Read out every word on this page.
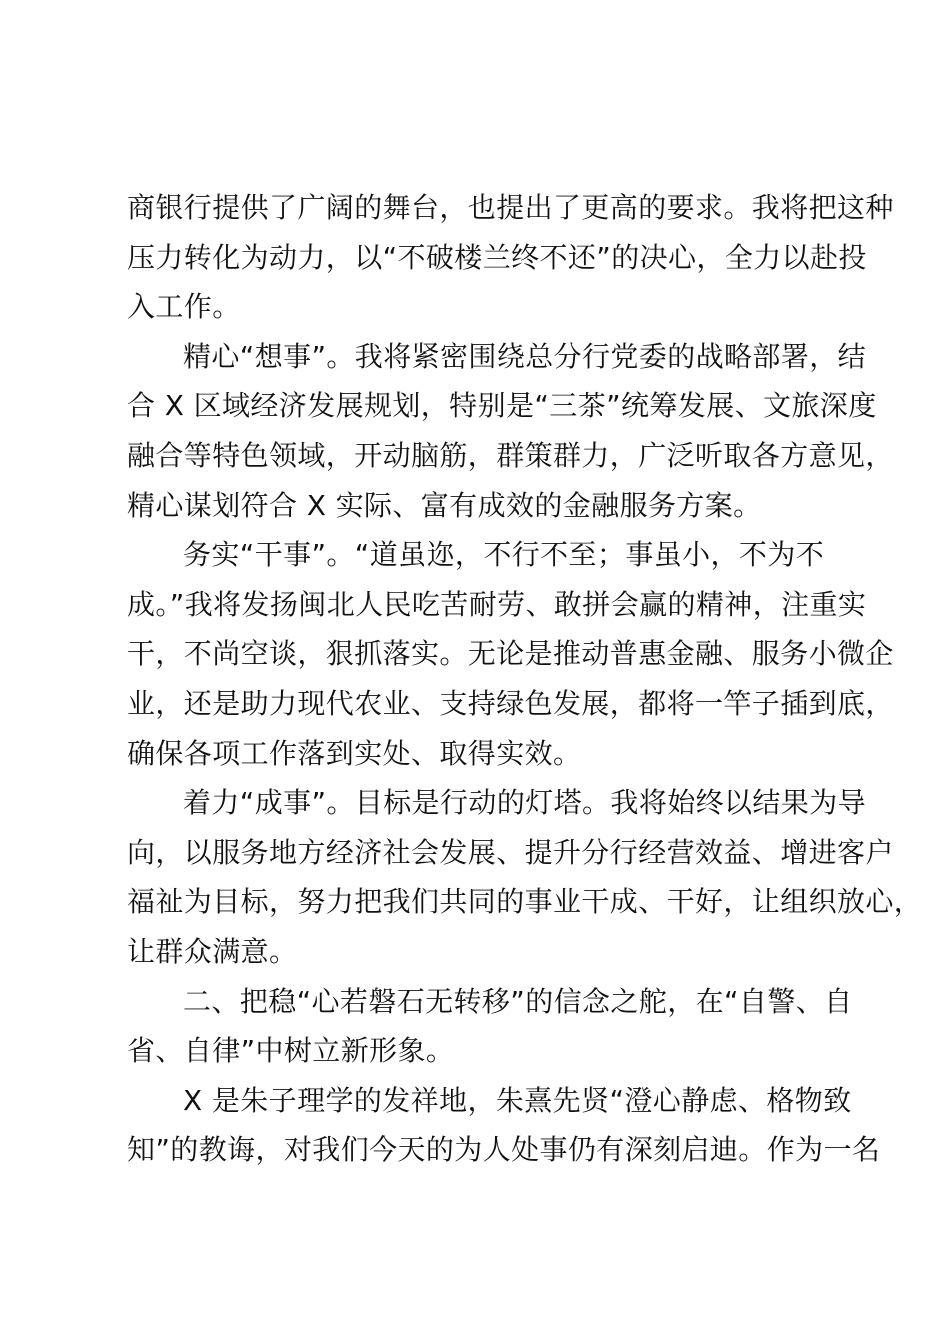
商银行提供了广阔的舞台，也提出了更高的要求。我将把这种
压力转化为动力，以“不破楼兰终不还”的决心，全力以赴投
入工作。
精心“想事”。我将紧密围绕总分行党委的战略部署，结
合 X 区域经济发展规划，特别是“三茶”统筹发展、文旅深度
融合等特色领域，开动脑筋，群策群力，广泛听取各方意见，
精心谋划符合 X 实际、富有成效的金融服务方案。
务实“干事”。“道虽迩，不行不至；事虽小，不为不
成。”我将发扬闽北人民吃苦耐劳、敢拼会赢的精神，注重实
干，不尚空谈，狠抓落实。无论是推动普惠金融、服务小微企
业，还是助力现代农业、支持绿色发展，都将一竿子插到底，
确保各项工作落到实处、取得实效。
着力“成事”。目标是行动的灯塔。我将始终以结果为导
向，以服务地方经济社会发展、提升分行经营效益、增进客户
福祉为目标，努力把我们共同的事业干成、干好，让组织放心，
让群众满意。
二、把稳“心若磐石无转移”的信念之舵，在“自警、自
省、自律”中树立新形象。
X 是朱子理学的发祥地，朱熹先贤“澄心静虑、格物致
知”的教诲，对我们今天的为人处事仍有深刻启迪。作为一名
